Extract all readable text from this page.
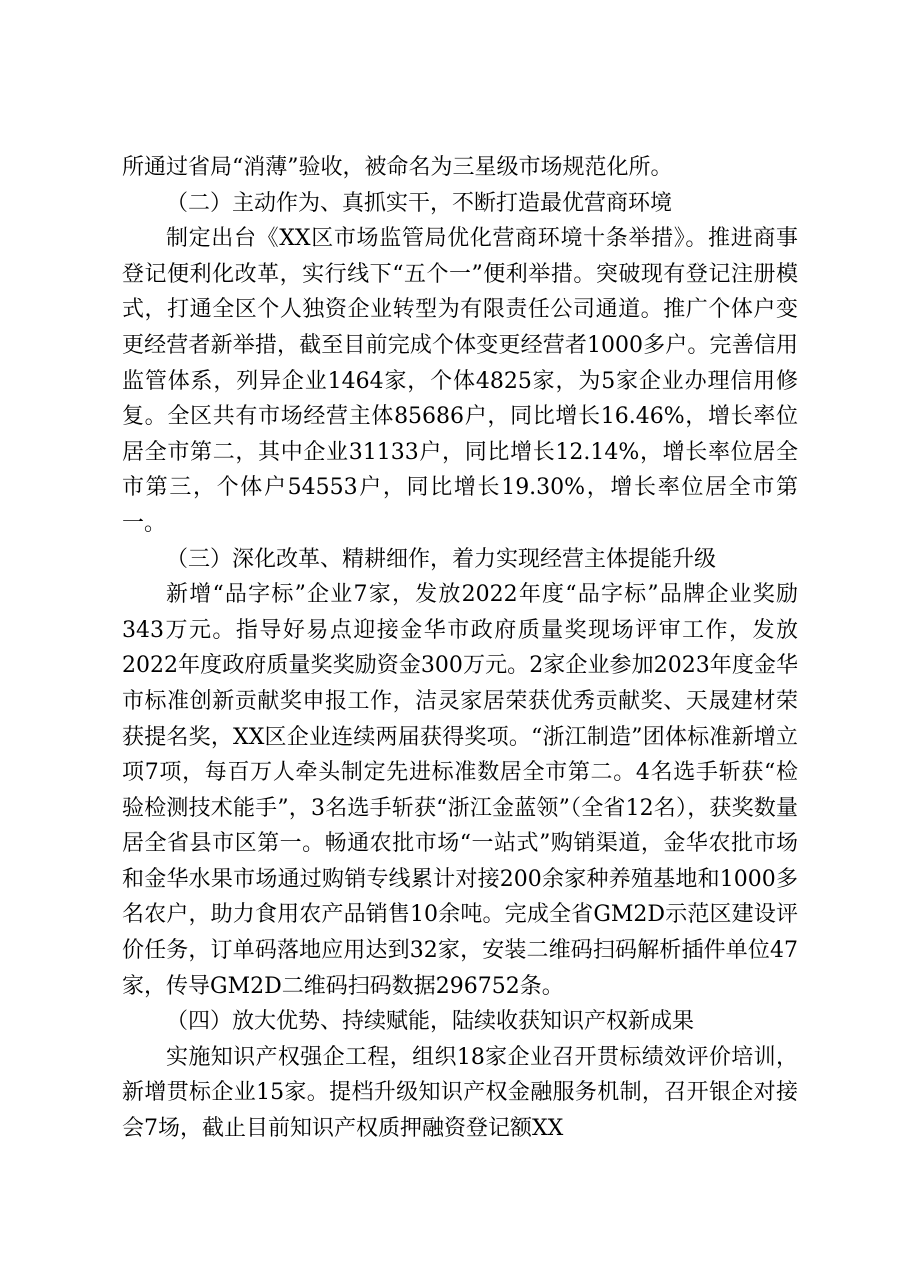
所通过省局“消薄”验收，被命名为三星级市场规范化所。

（二）主动作为、真抓实干，不断打造最优营商环境

制定出台《XX区市场监管局优化营商环境十条举措》。推进商事登记便利化改革，实行线下“五个一”便利举措。突破现有登记注册模式，打通全区个人独资企业转型为有限责任公司通道。推广个体户变更经营者新举措，截至目前完成个体变更经营者1000多户。完善信用监管体系，列异企业1464家，个体4825家，为5家企业办理信用修复。全区共有市场经营主体85686户，同比增长16.46%，增长率位居全市第二，其中企业31133户，同比增长12.14%，增长率位居全市第三，个体户54553户，同比增长19.30%，增长率位居全市第一。

（三）深化改革、精耕细作，着力实现经营主体提能升级

新增“品字标”企业7家，发放2022年度“品字标”品牌企业奖励343万元。指导好易点迎接金华市政府质量奖现场评审工作，发放2022年度政府质量奖奖励资金300万元。2家企业参加2023年度金华市标准创新贡献奖申报工作，洁灵家居荣获优秀贡献奖、天晟建材荣获提名奖，XX区企业连续两届获得奖项。“浙江制造”团体标准新增立项7项，每百万人牵头制定先进标准数居全市第二。4名选手斩获“检验检测技术能手”，3名选手斩获“浙江金蓝领”（全省12名），获奖数量居全省县市区第一。畅通农批市场“一站式”购销渠道，金华农批市场和金华水果市场通过购销专线累计对接200余家种养殖基地和1000多名农户，助力食用农产品销售10余吨。完成全省GM2D示范区建设评价任务，订单码落地应用达到32家，安装二维码扫码解析插件单位47家，传导GM2D二维码扫码数据296752条。

（四）放大优势、持续赋能，陆续收获知识产权新成果

实施知识产权强企工程，组织18家企业召开贯标绩效评价培训，新增贯标企业15家。提档升级知识产权金融服务机制，召开银企对接会7场，截止目前知识产权质押融资登记额XX
